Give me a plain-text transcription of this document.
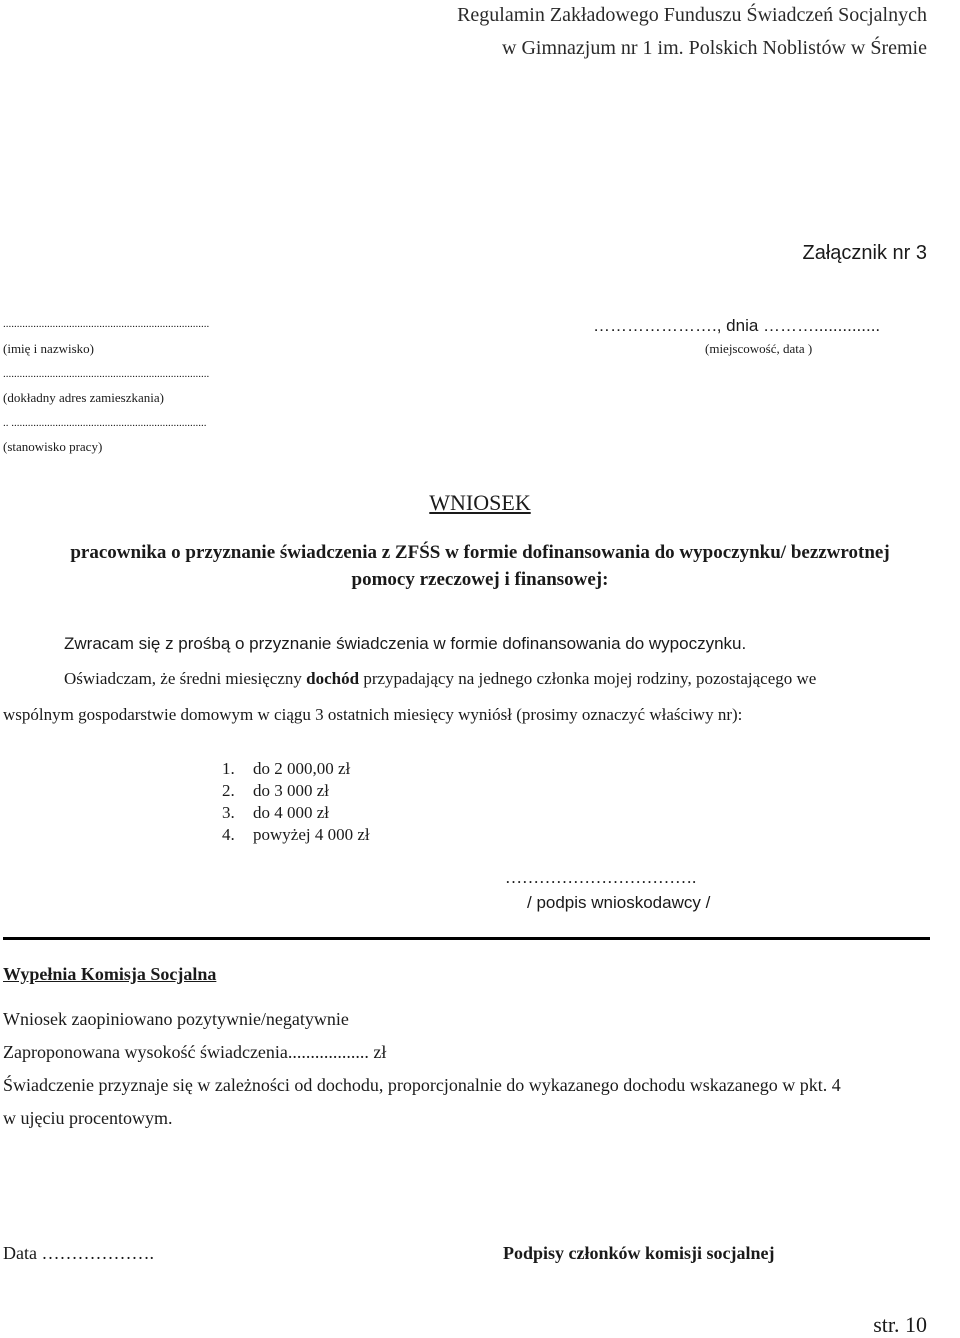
Regulamin Zakładowego Funduszu Świadczeń Socjalnych
w Gimnazjum nr 1 im. Polskich Noblistów w Śremie
Załącznik nr 3
...........................................................................
(imię i nazwisko)
…………………., dnia ………..............
(miejscowość, data )
...........................................................................
(dokładny adres zamieszkania)
.. .......................................................................
(stanowisko pracy)
WNIOSEK
pracownika o przyznanie świadczenia z ZFŚS w formie dofinansowania do wypoczynku/ bezzwrotnej
pomocy rzeczowej i finansowej:
Zwracam się z prośbą o przyznanie świadczenia w formie dofinansowania do wypoczynku.
Oświadczam, że średni miesięczny dochód przypadający na jednego członka mojej rodziny, pozostającego we
wspólnym gospodarstwie domowym w ciągu 3 ostatnich miesięcy wyniósł (prosimy oznaczyć właściwy nr):
1. do 2 000,00 zł
2. do 3 000 zł
3. do 4 000 zł
4. powyżej 4 000 zł
…………………………….
/ podpis wnioskodawcy /
Wypełnia Komisja Socjalna
Wniosek zaopiniowano pozytywnie/negatywnie
Zaproponowana wysokość świadczenia.................. zł
Świadczenie przyznaje się w zależności od dochodu, proporcjonalnie do wykazanego dochodu wskazanego w pkt. 4
w ujęciu procentowym.
Data ……………….	Podpisy członków komisji socjalnej
str. 10
